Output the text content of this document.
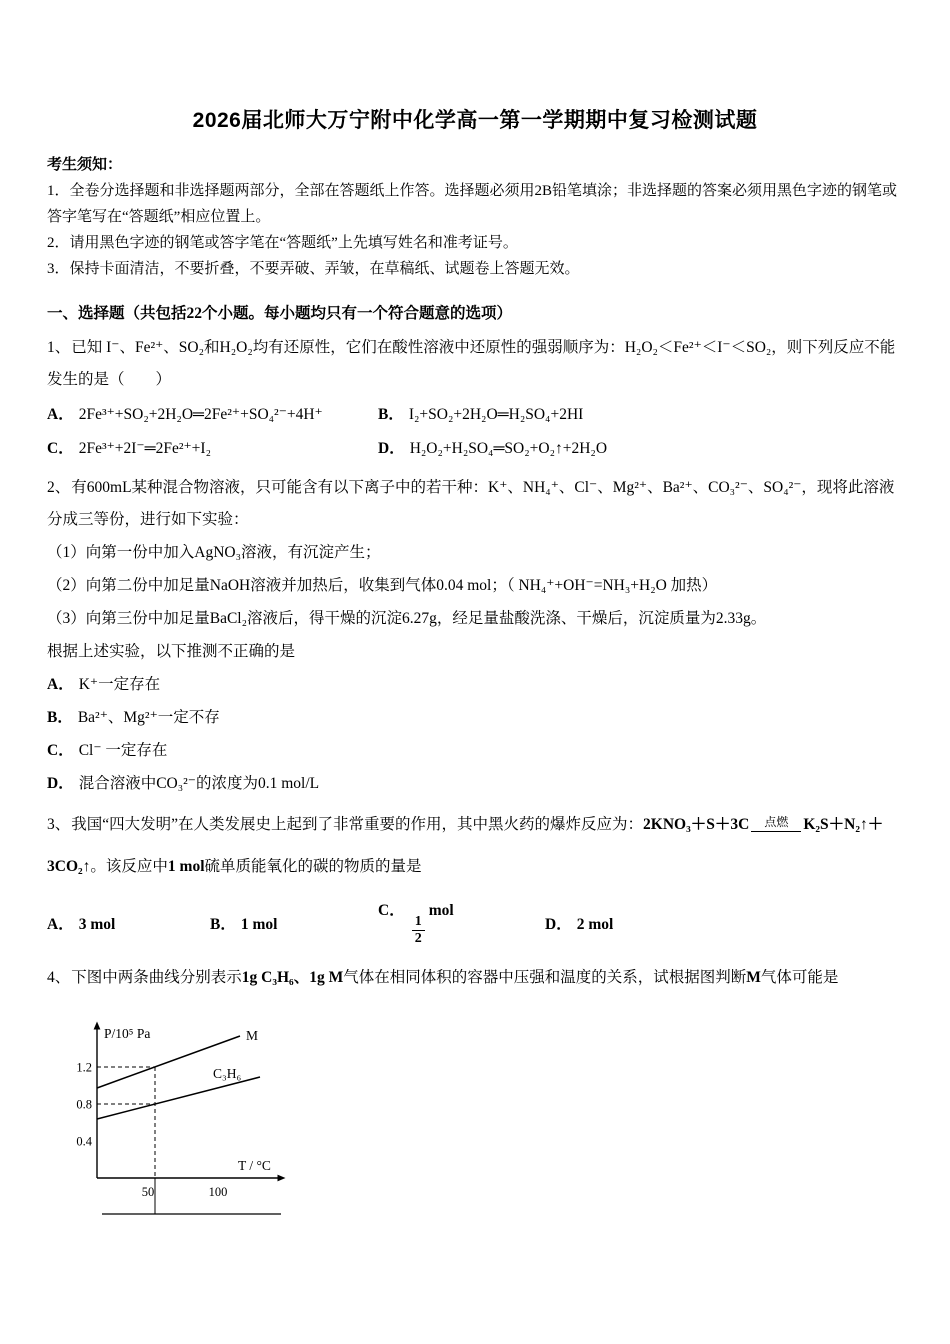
2026届北师大万宁附中化学高一第一学期期中复习检测试题

考生须知：

1．全卷分选择题和非选择题两部分，全部在答题纸上作答。选择题必须用2B铅笔填涂；非选择题的答案必须用黑色字迹的钢笔或答字笔写在“答题纸”相应位置上。

2．请用黑色字迹的钢笔或答字笔在“答题纸”上先填写姓名和准考证号。

3．保持卡面清洁，不要折叠，不要弄破、弄皱，在草稿纸、试题卷上答题无效。

一、选择题（共包括22个小题。每小题均只有一个符合题意的选项）

1、已知 I⁻、Fe²⁺、SO₂和H₂O₂均有还原性，它们在酸性溶液中还原性的强弱顺序为：H₂O₂＜Fe²⁺＜I⁻＜SO₂，则下列反应不能发生的是（　　）

A． 2Fe³⁺+SO₂+2H₂O═2Fe²⁺+SO₄²⁻+4H⁺	B． I₂+SO₂+2H₂O═H₂SO₄+2HI
C． 2Fe³⁺+2I⁻═2Fe²⁺+I₂	D． H₂O₂+H₂SO₄═SO₂+O₂↑+2H₂O

2、有600mL某种混合物溶液，只可能含有以下离子中的若干种：K⁺、NH₄⁺、Cl⁻、Mg²⁺、Ba²⁺、CO₃²⁻、SO₄²⁻，现将此溶液分成三等份，进行如下实验：

（1）向第一份中加入AgNO₃溶液，有沉淀产生；

（2）向第二份中加足量NaOH溶液并加热后，收集到气体0.04 mol；（ NH₄⁺+OH⁻=NH₃+H₂O 加热）

（3）向第三份中加足量BaCl₂溶液后，得干燥的沉淀6.27g，经足量盐酸洗涤、干燥后，沉淀质量为2.33g。

根据上述实验，以下推测不正确的是

A． K⁺一定存在
B． Ba²⁺、Mg²⁺一定不存
C． Cl⁻ 一定存在
D． 混合溶液中CO₃²⁻的浓度为0.1 mol/L

3、我国“四大发明”在人类发展史上起到了非常重要的作用，其中黑火药的爆炸反应为：2KNO₃＋S＋3C	点燃 K₂S＋N₂↑＋3CO₂↑。该反应中1 mol硫单质能氧化的碳的物质的量是

A． 3 mol	B． 1 mol
C．
$\frac{1}{2}$
mol
D． 2 mol

4、下图中两条曲线分别表示1g C₃H₆、1g M气体在相同体积的容器中压强和温度的关系，试根据图判断M气体可能是

P/10⁵ Pa
T / °C
M
C₃H₆
1.2
0.8
0.4
50	100
